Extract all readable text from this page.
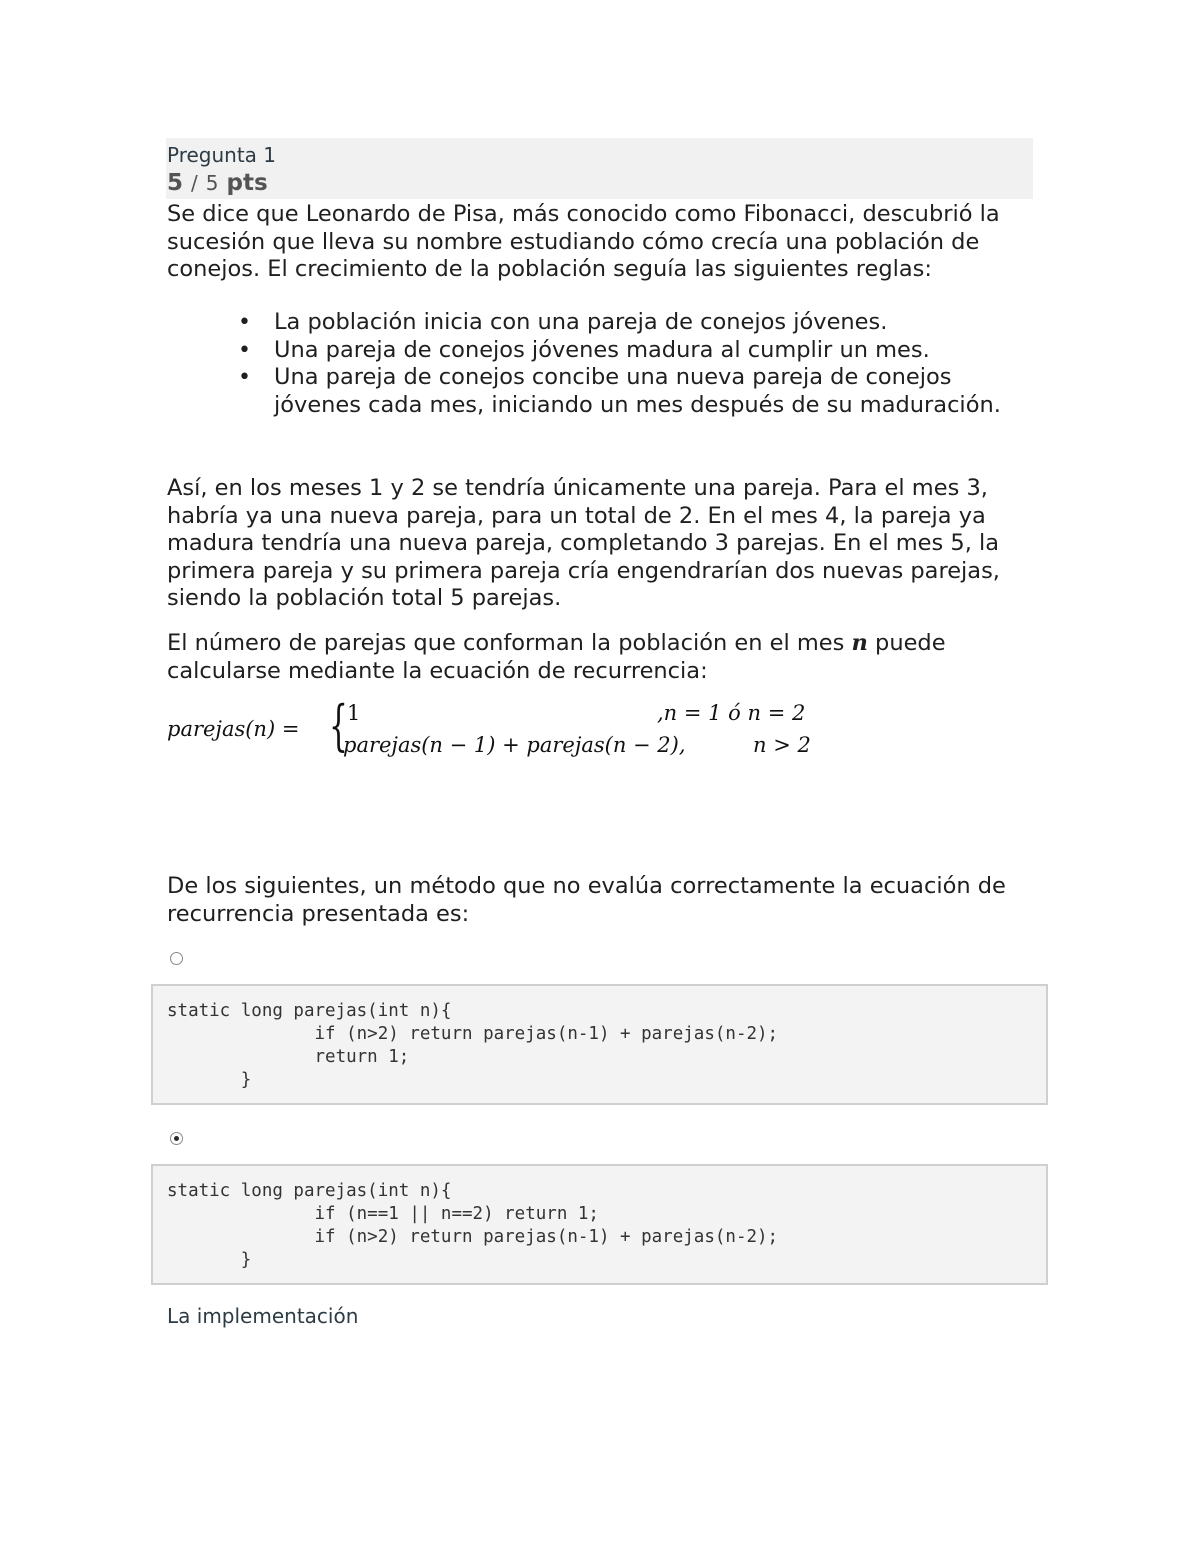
Pregunta 1
5 / 5 pts

Se dice que Leonardo de Pisa, más conocido como Fibonacci, descubrió la sucesión que lleva su nombre estudiando cómo crecía una población de conejos. El crecimiento de la población seguía las siguientes reglas:

• La población inicia con una pareja de conejos jóvenes.
• Una pareja de conejos jóvenes madura al cumplir un mes.
• Una pareja de conejos concibe una nueva pareja de conejos jóvenes cada mes, iniciando un mes después de su maduración.

Así, en los meses 1 y 2 se tendría únicamente una pareja. Para el mes 3, habría ya una nueva pareja, para un total de 2. En el mes 4, la pareja ya madura tendría una nueva pareja, completando 3 parejas. En el mes 5, la primera pareja y su primera pareja cría engendrarían dos nuevas parejas, siendo la población total 5 parejas.

El número de parejas que conforman la población en el mes n puede calcularse mediante la ecuación de recurrencia:

parejas(n) = { 1	,n = 1 ó n = 2
parejas(n − 1) + parejas(n − 2),	n > 2

De los siguientes, un método que no evalúa correctamente la ecuación de recurrencia presentada es:

static long parejas(int n){
if (n>2) return parejas(n-1) + parejas(n-2);
return 1;
}
static long parejas(int n){
if (n==1 || n==2) return 1;
if (n>2) return parejas(n-1) + parejas(n-2);
}
La implementación
